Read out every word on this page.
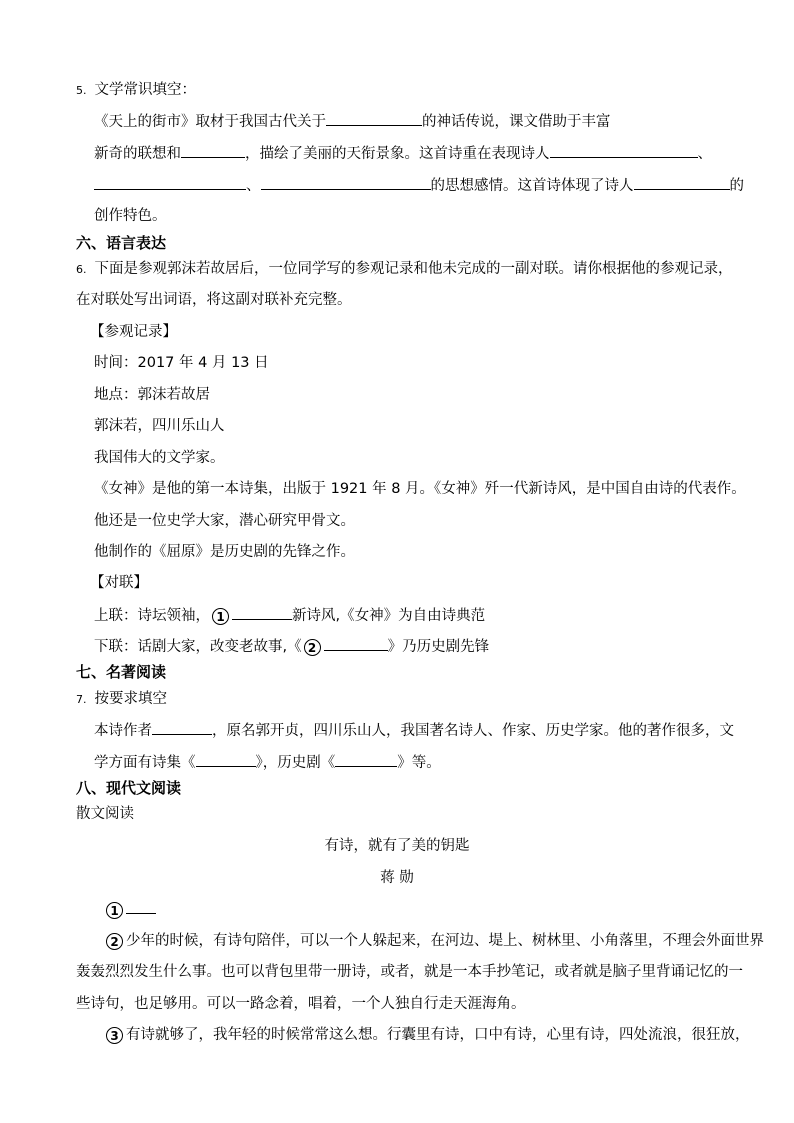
5. 文学常识填空：
《天上的街市》取材于我国古代关于	的神话传说，课文借助于丰富
新奇的联想和	，描绘了美丽的天衔景象。这首诗重在表现诗人	、
、	的思想感情。这首诗体现了诗人	的
创作特色。
六、语言表达
6. 下面是参观郭沫若故居后，一位同学写的参观记录和他未完成的一副对联。请你根据他的参观记录，
在对联处写出词语，将这副对联补充完整。
【参观记录】
时间：2017 年 4 月 13 日
地点：郭沫若故居
郭沫若，四川乐山人
我国伟大的文学家。
《女神》是他的第一本诗集，出版于 1921 年 8 月。《女神》歼一代新诗风，是中国自由诗的代表作。
他还是一位史学大家，潜心研究甲骨文。
他制作的《屈原》是历史剧的先锋之作。
【对联】
上联：诗坛领袖， 1	新诗风,《女神》为自由诗典范
下联：话剧大家，改变老故事,《 2	》乃历史剧先锋
七、名著阅读
7. 按要求填空
本诗作者	，原名郭开贞，四川乐山人，我国著名诗人、作家、历史学家。他的著作很多，文
学方面有诗集《	》，历史剧《	》等。
八、现代文阅读
散文阅读
有诗，就有了美的钥匙
蒋 勋
1
2 少年的时候，有诗句陪伴，可以一个人躲起来，在河边、堤上、树林里、小角落里，不理会外面世界
轰轰烈烈发生什么事。也可以背包里带一册诗，或者，就是一本手抄笔记，或者就是脑子里背诵记忆的一
些诗句，也足够用。可以一路念着，唱着，一个人独自行走天涯海角。
3 有诗就够了，我年轻的时候常常这么想。行囊里有诗，口中有诗，心里有诗，四处流浪，很狂放，
